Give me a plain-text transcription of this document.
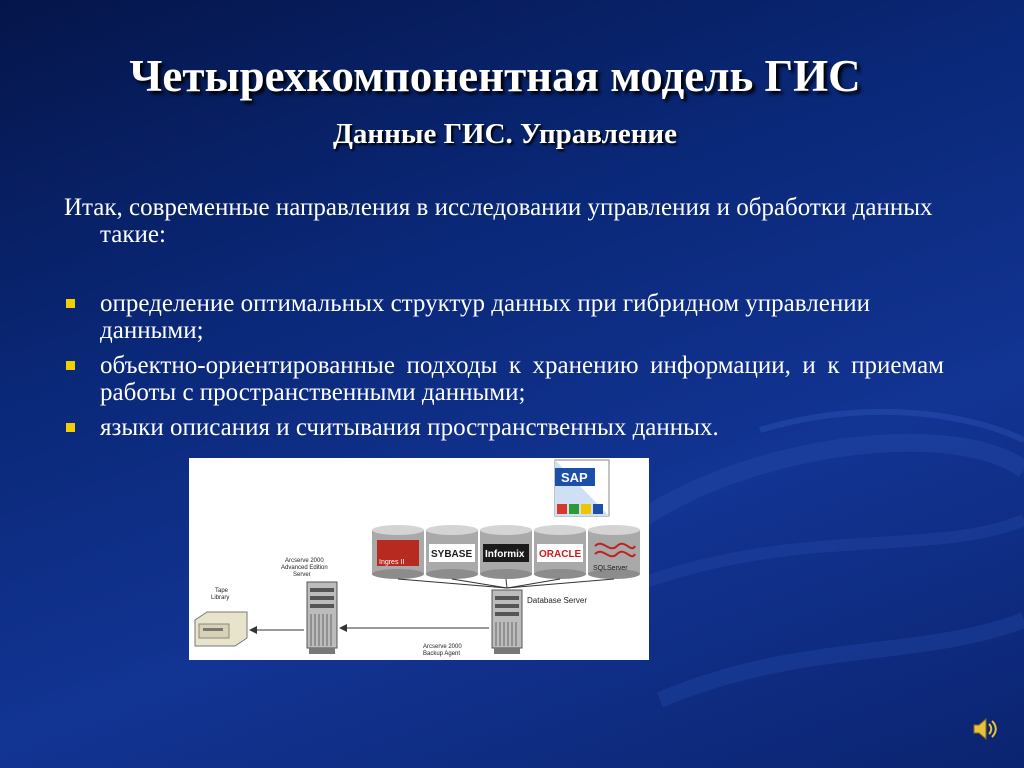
Четырехкомпонентная модель ГИС
Данные ГИС. Управление
Итак, современные направления в исследовании управления и обработки данных такие:
определение оптимальных структур данных при гибридном управлении данными;
объектно-ориентированные подходы к хранению информации, и к приемам работы с пространственными данными;
языки описания и считывания пространственных данных.
SAP
Ingres II
SYBASE Informix ORACLE
SQLServer
Database Server
Arcserve 2000
Backup Agent
Arcserve 2000
Advanced Edition
Server
Tape
Library
